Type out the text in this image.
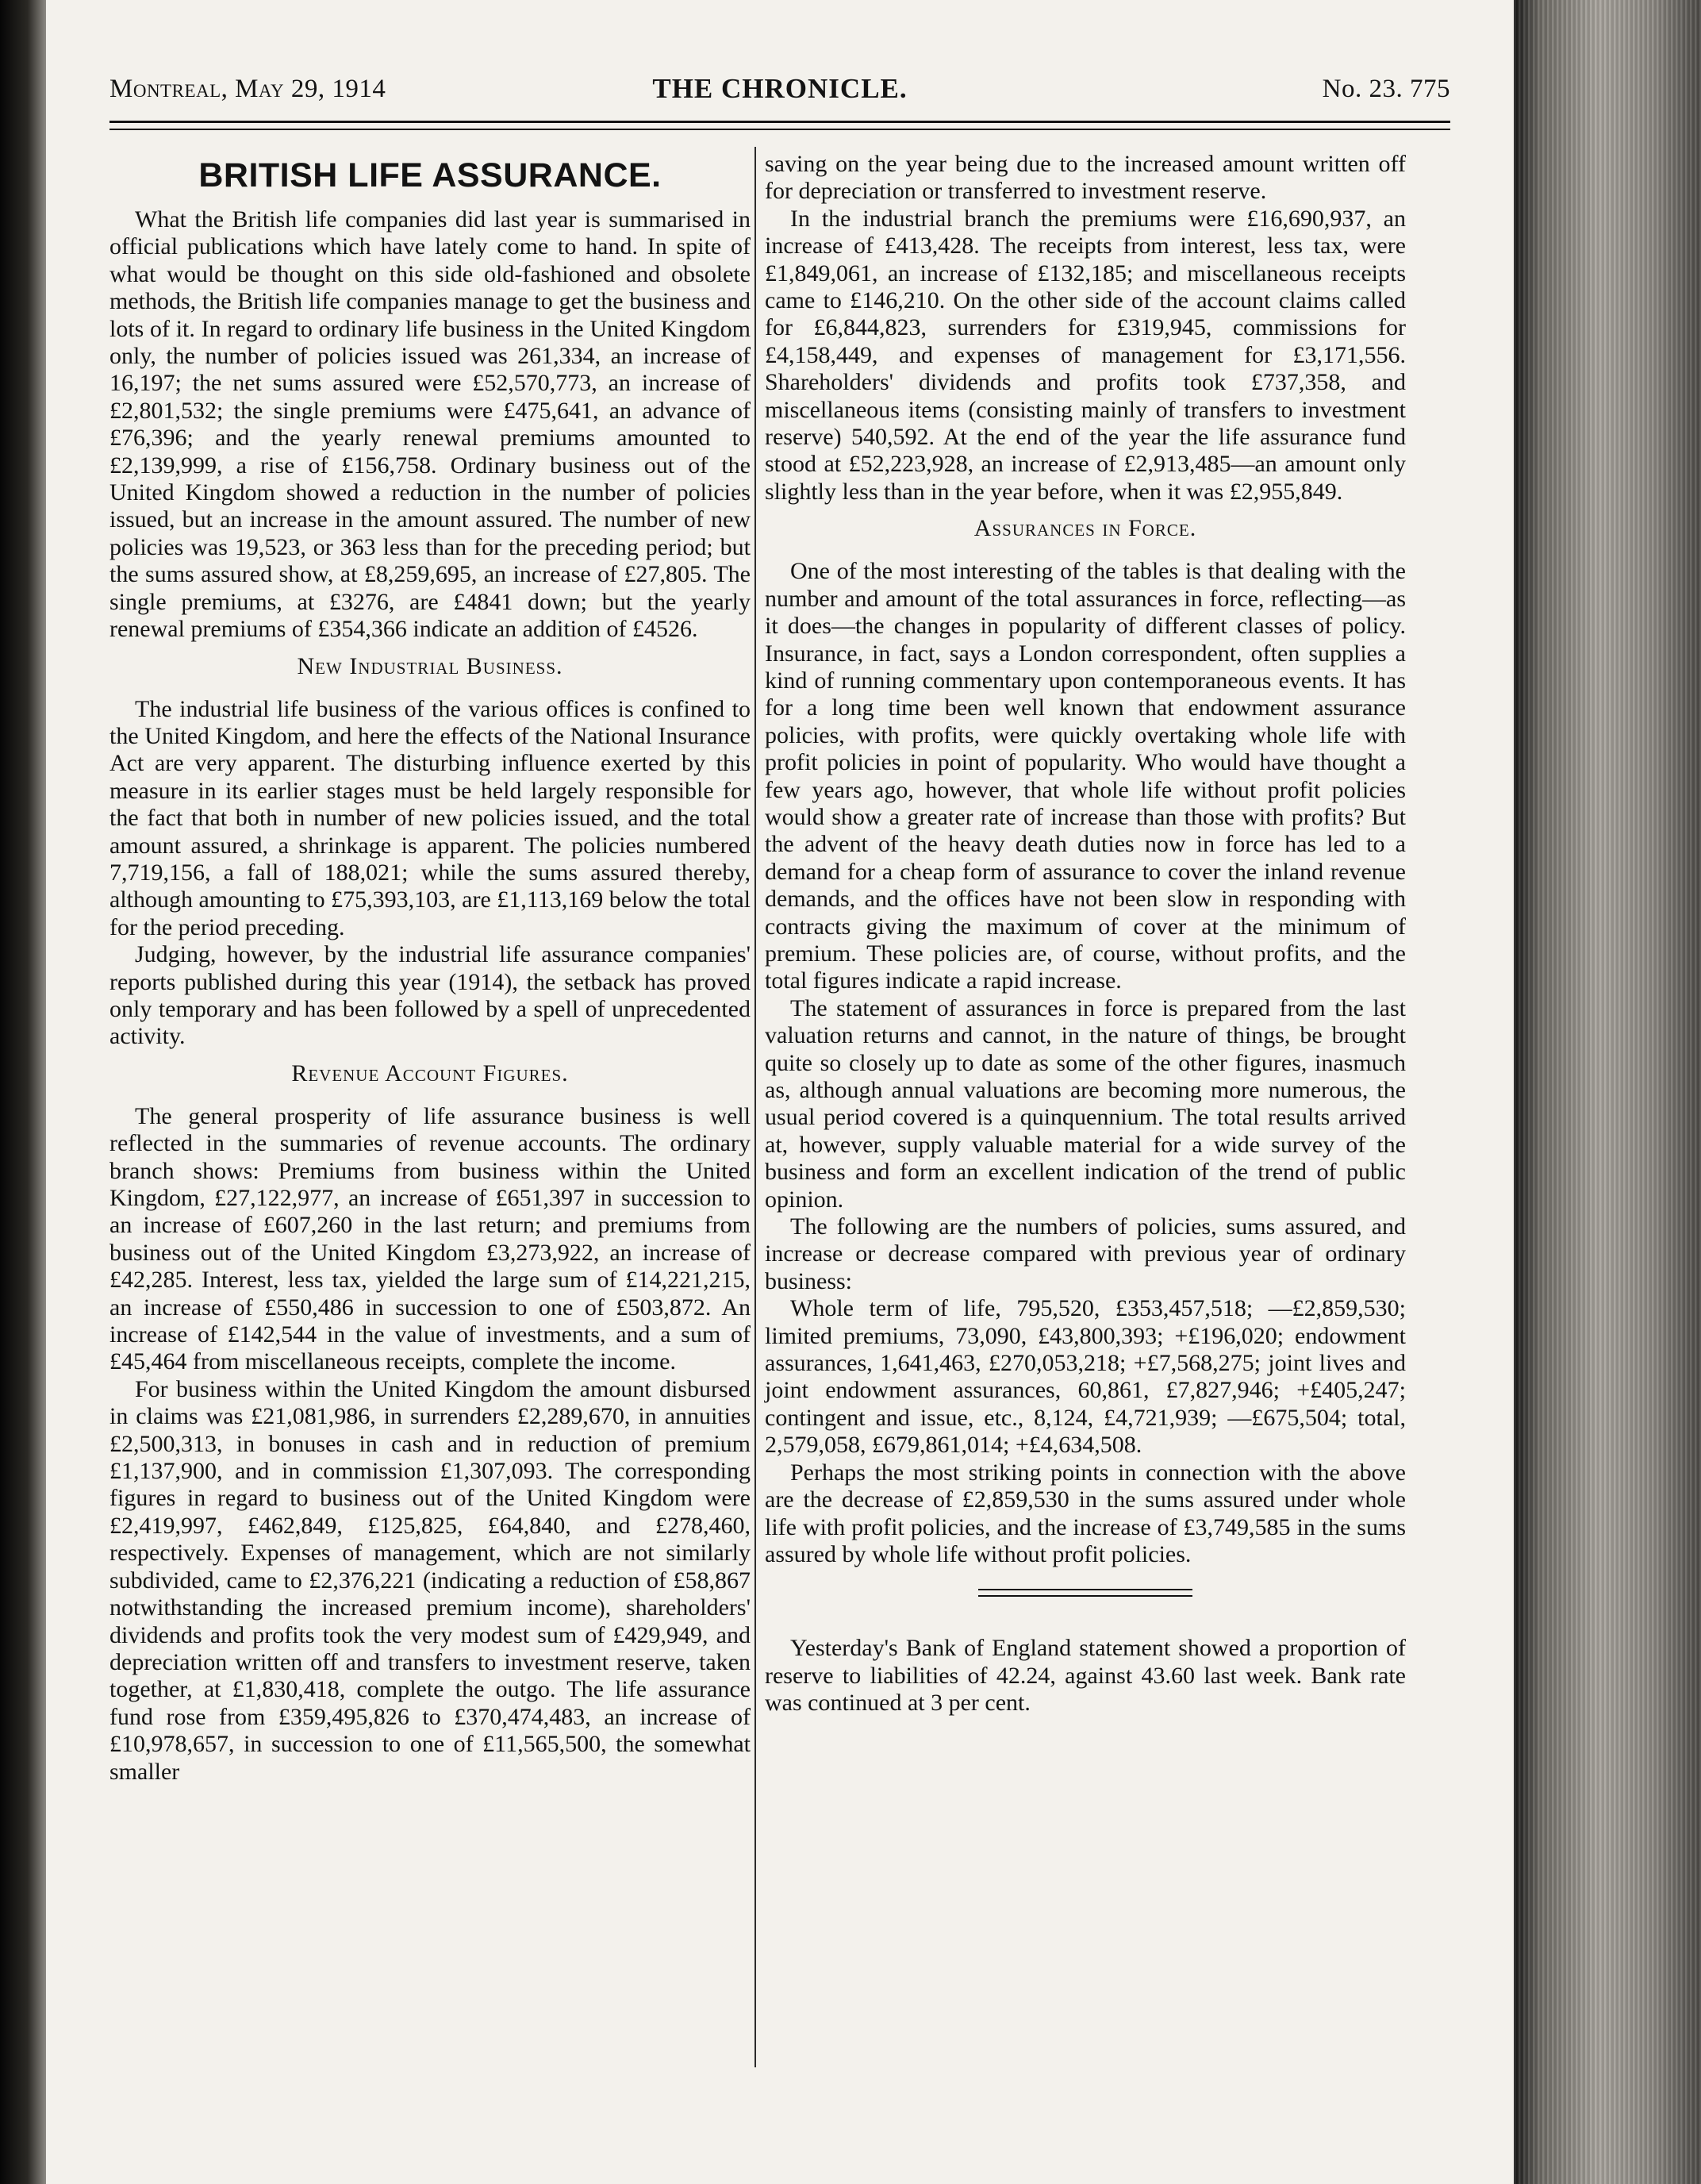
Montreal, May 29, 1914	THE CHRONICLE.	No. 23. 775
BRITISH LIFE ASSURANCE.

What the British life companies did last year is summarised in official publications which have lately come to hand. In spite of what would be thought on this side old-fashioned and obsolete methods, the British life companies manage to get the business and lots of it. In regard to ordinary life business in the United Kingdom only, the number of policies issued was 261,334, an increase of 16,197; the net sums assured were £52,570,773, an increase of £2,801,532; the single premiums were £475,641, an advance of £76,396; and the yearly renewal premiums amounted to £2,139,999, a rise of £156,758. Ordinary business out of the United Kingdom showed a reduction in the number of policies issued, but an increase in the amount assured. The number of new policies was 19,523, or 363 less than for the preceding period; but the sums assured show, at £8,259,695, an increase of £27,805. The single premiums, at £3276, are £4841 down; but the yearly renewal premiums of £354,366 indicate an addition of £4526.

New Industrial Business.

The industrial life business of the various offices is confined to the United Kingdom, and here the effects of the National Insurance Act are very apparent. The disturbing influence exerted by this measure in its earlier stages must be held largely responsible for the fact that both in number of new policies issued, and the total amount assured, a shrinkage is apparent. The policies numbered 7,719,156, a fall of 188,021; while the sums assured thereby, although amounting to £75,393,103, are £1,113,169 below the total for the period preceding.

Judging, however, by the industrial life assurance companies' reports published during this year (1914), the setback has proved only temporary and has been followed by a spell of unprecedented activity.

Revenue Account Figures.

The general prosperity of life assurance business is well reflected in the summaries of revenue accounts. The ordinary branch shows: Premiums from business within the United Kingdom, £27,122,977, an increase of £651,397 in succession to an increase of £607,260 in the last return; and premiums from business out of the United Kingdom £3,273,922, an increase of £42,285. Interest, less tax, yielded the large sum of £14,221,215, an increase of £550,486 in succession to one of £503,872. An increase of £142,544 in the value of investments, and a sum of £45,464 from miscellaneous receipts, complete the income.

For business within the United Kingdom the amount disbursed in claims was £21,081,986, in surrenders £2,289,670, in annuities £2,500,313, in bonuses in cash and in reduction of premium £1,137,900, and in commission £1,307,093. The corresponding figures in regard to business out of the United Kingdom were £2,419,997, £462,849, £125,825, £64,840, and £278,460, respectively. Expenses of management, which are not similarly subdivided, came to £2,376,221 (indicating a reduction of £58,867 notwithstanding the increased premium income), shareholders' dividends and profits took the very modest sum of £429,949, and depreciation written off and transfers to investment reserve, taken together, at £1,830,418, complete the outgo. The life assurance fund rose from £359,495,826 to £370,474,483, an increase of £10,978,657, in succession to one of £11,565,500, the somewhat smaller

saving on the year being due to the increased amount written off for depreciation or transferred to investment reserve.

In the industrial branch the premiums were £16,690,937, an increase of £413,428. The receipts from interest, less tax, were £1,849,061, an increase of £132,185; and miscellaneous receipts came to £146,210. On the other side of the account claims called for £6,844,823, surrenders for £319,945, commissions for £4,158,449, and expenses of management for £3,171,556. Shareholders' dividends and profits took £737,358, and miscellaneous items (consisting mainly of transfers to investment reserve) 540,592. At the end of the year the life assurance fund stood at £52,223,928, an increase of £2,913,485—an amount only slightly less than in the year before, when it was £2,955,849.

Assurances in Force.

One of the most interesting of the tables is that dealing with the number and amount of the total assurances in force, reflecting—as it does—the changes in popularity of different classes of policy. Insurance, in fact, says a London correspondent, often supplies a kind of running commentary upon contemporaneous events. It has for a long time been well known that endowment assurance policies, with profits, were quickly overtaking whole life with profit policies in point of popularity. Who would have thought a few years ago, however, that whole life without profit policies would show a greater rate of increase than those with profits? But the advent of the heavy death duties now in force has led to a demand for a cheap form of assurance to cover the inland revenue demands, and the offices have not been slow in responding with contracts giving the maximum of cover at the minimum of premium. These policies are, of course, without profits, and the total figures indicate a rapid increase.

The statement of assurances in force is prepared from the last valuation returns and cannot, in the nature of things, be brought quite so closely up to date as some of the other figures, inasmuch as, although annual valuations are becoming more numerous, the usual period covered is a quinquennium. The total results arrived at, however, supply valuable material for a wide survey of the business and form an excellent indication of the trend of public opinion.

The following are the numbers of policies, sums assured, and increase or decrease compared with previous year of ordinary business:

Whole term of life, 795,520, £353,457,518; —£2,859,530; limited premiums, 73,090, £43,800,393; +£196,020; endowment assurances, 1,641,463, £270,053,218; +£7,568,275; joint lives and joint endowment assurances, 60,861, £7,827,946; +£405,247; contingent and issue, etc., 8,124, £4,721,939; —£675,504; total, 2,579,058, £679,861,014; +£4,634,508.

Perhaps the most striking points in connection with the above are the decrease of £2,859,530 in the sums assured under whole life with profit policies, and the increase of £3,749,585 in the sums assured by whole life without profit policies.

Yesterday's Bank of England statement showed a proportion of reserve to liabilities of 42.24, against 43.60 last week. Bank rate was continued at 3 per cent.
